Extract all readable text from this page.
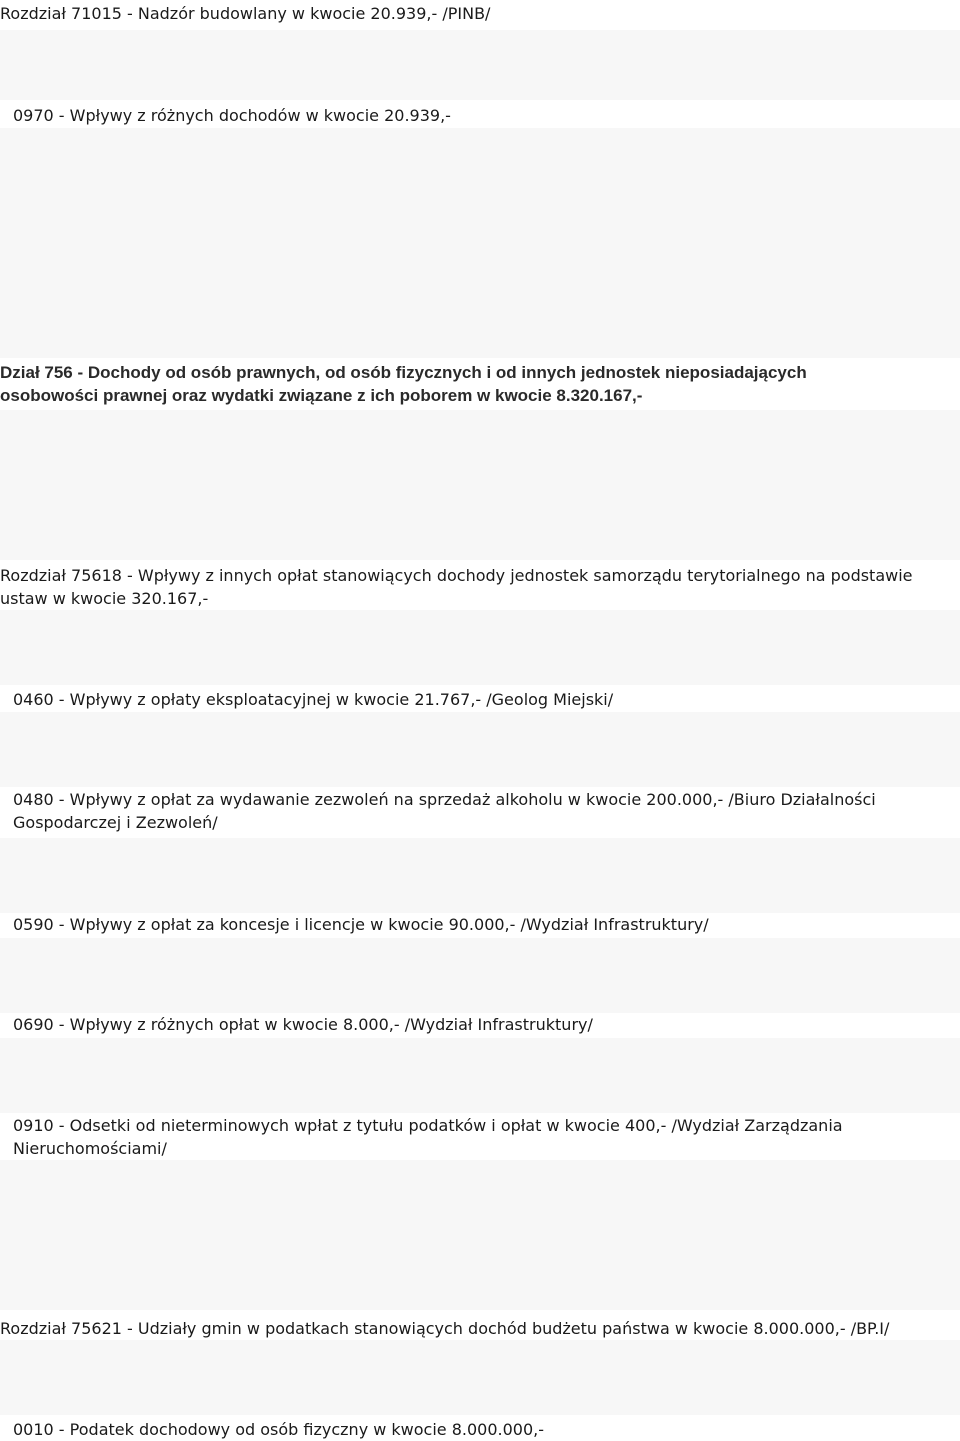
Rozdział 71015 - Nadzór budowlany w kwocie 20.939,- /PINB/
0970 - Wpływy z różnych dochodów w kwocie 20.939,-
Dział 756 - Dochody od osób prawnych, od osób fizycznych i od innych jednostek nieposiadających osobowości prawnej oraz wydatki związane z ich poborem w kwocie 8.320.167,-
Rozdział 75618 - Wpływy z innych opłat stanowiących dochody jednostek samorządu terytorialnego na podstawie ustaw w kwocie 320.167,-
0460 - Wpływy z opłaty eksploatacyjnej w kwocie 21.767,- /Geolog Miejski/
0480 - Wpływy z opłat za wydawanie zezwoleń na sprzedaż alkoholu w kwocie 200.000,- /Biuro Działalności Gospodarczej i Zezwoleń/
0590 - Wpływy z opłat za koncesje i licencje w kwocie 90.000,- /Wydział Infrastruktury/
0690 - Wpływy z różnych opłat w kwocie 8.000,- /Wydział Infrastruktury/
0910 - Odsetki od nieterminowych wpłat z tytułu podatków i opłat w kwocie 400,- /Wydział Zarządzania Nieruchomościami/
Rozdział 75621 - Udziały gmin w podatkach stanowiących dochód budżetu państwa w kwocie 8.000.000,- /BP.I/
0010 - Podatek dochodowy od osób fizyczny w kwocie 8.000.000,-
